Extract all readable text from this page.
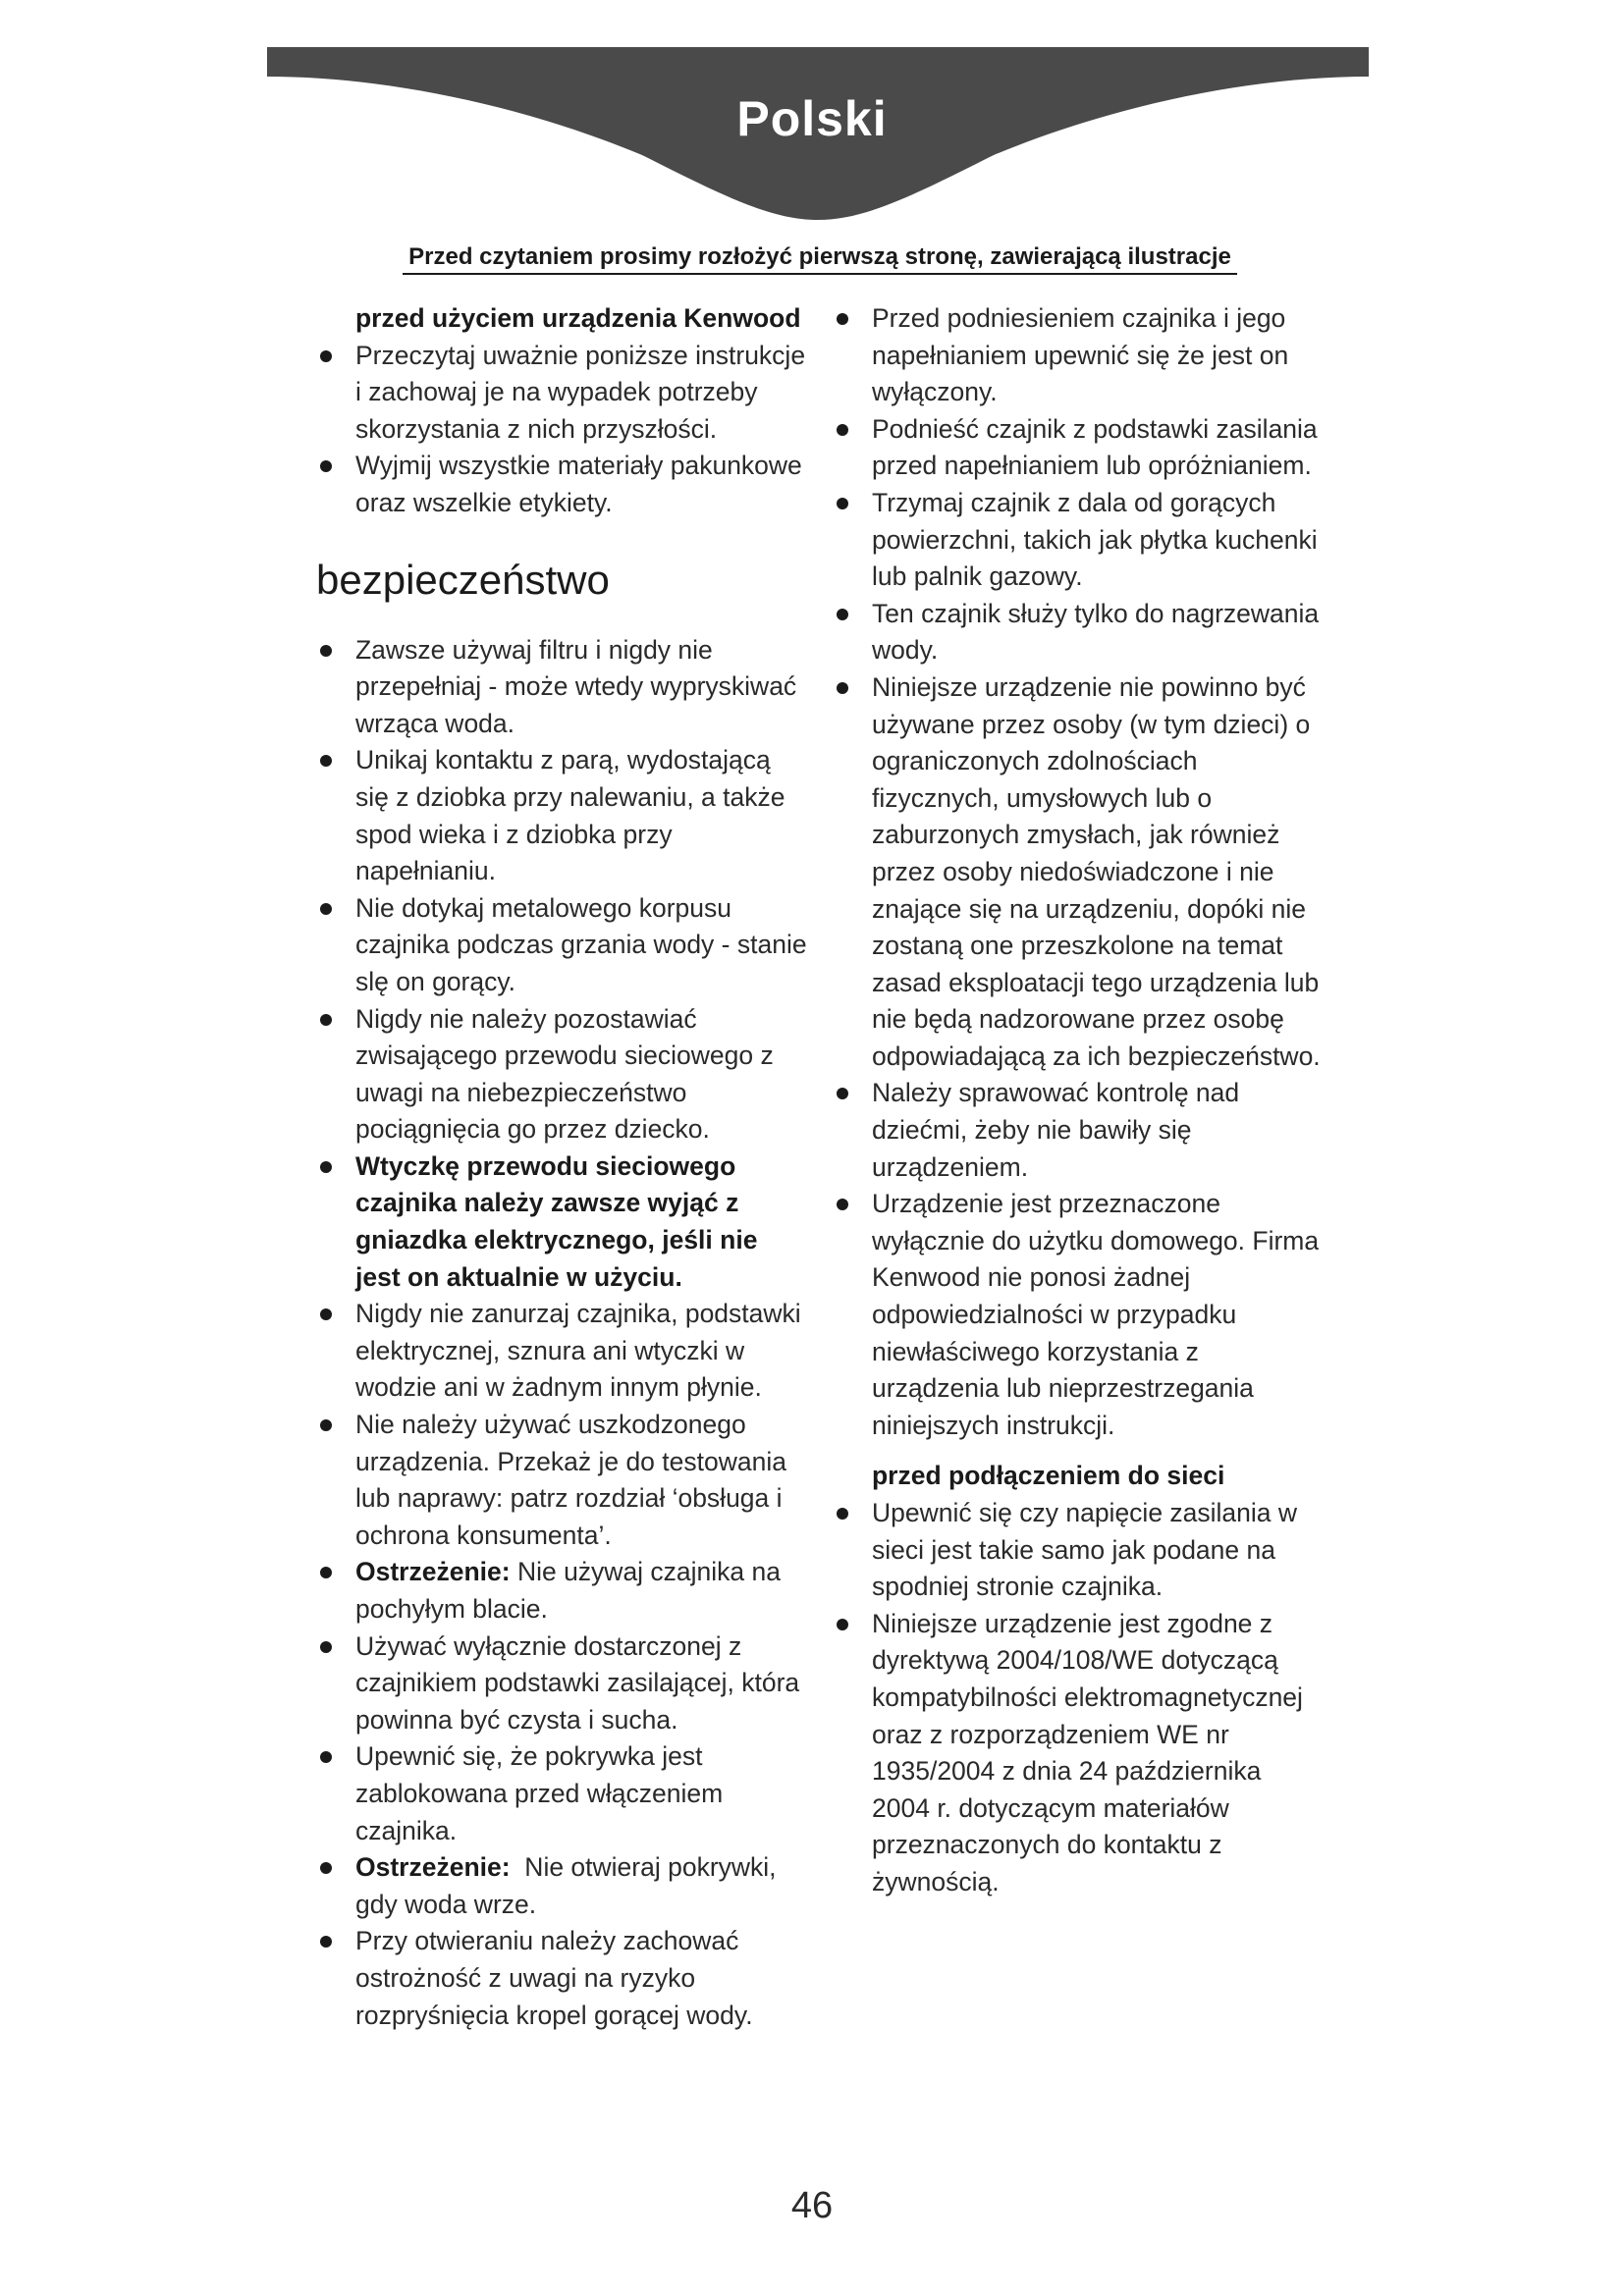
Polski
Przed czytaniem prosimy rozłożyć pierwszą stronę, zawierającą ilustracje

przed użyciem urządzenia Kenwood

Przeczytaj uważnie poniższe instrukcje i zachowaj je na wypadek potrzeby skorzystania z nich przyszłości.
Wyjmij wszystkie materiały pakunkowe oraz wszelkie etykiety.
bezpieczeństwo
Zawsze używaj filtru i nigdy nie przepełniaj - może wtedy wypryskiwać wrząca woda.
Unikaj kontaktu z parą, wydostającą się z dziobka przy nalewaniu, a także spod wieka i z dziobka przy napełnianiu.
Nie dotykaj metalowego korpusu czajnika podczas grzania wody - stanie slę on gorący.
Nigdy nie należy pozostawiać zwisającego przewodu sieciowego z uwagi na niebezpieczeństwo pociągnięcia go przez dziecko.
Wtyczkę przewodu sieciowego czajnika należy zawsze wyjąć z gniazdka elektrycznego, jeśli nie jest on aktualnie w użyciu.
Nigdy nie zanurzaj czajnika, podstawki elektrycznej, sznura ani wtyczki w wodzie ani w żadnym innym płynie.
Nie należy używać uszkodzonego urządzenia. Przekaż je do testowania lub naprawy: patrz rozdział ‘obsługa i ochrona konsumenta’.
Ostrzeżenie: Nie używaj czajnika na pochyłym blacie.
Używać wyłącznie dostarczonej z czajnikiem podstawki zasilającej, która powinna być czysta i sucha.
Upewnić się, że pokrywka jest zablokowana przed włączeniem czajnika.
Ostrzeżenie:  Nie otwieraj pokrywki, gdy woda wrze.
Przy otwieraniu należy zachować ostrożność z uwagi na ryzyko rozpryśnięcia kropel gorącej wody.
Przed podniesieniem czajnika i jego napełnianiem upewnić się że jest on wyłączony.
Podnieść czajnik z podstawki zasilania przed napełnianiem lub opróżnianiem.
Trzymaj czajnik z dala od gorących powierzchni, takich jak płytka kuchenki lub palnik gazowy.
Ten czajnik służy tylko do nagrzewania wody.
Niniejsze urządzenie nie powinno być używane przez osoby (w tym dzieci) o ograniczonych zdolnościach fizycznych, umysłowych lub o zaburzonych zmysłach, jak również przez osoby niedoświadczone i nie znające się na urządzeniu, dopóki nie zostaną one przeszkolone na temat zasad eksploatacji tego urządzenia lub nie będą nadzorowane przez osobę odpowiadającą za ich bezpieczeństwo.
Należy sprawować kontrolę nad dziećmi, żeby nie bawiły się urządzeniem.
Urządzenie jest przeznaczone wyłącznie do użytku domowego. Firma Kenwood nie ponosi żadnej odpowiedzialności w przypadku niewłaściwego korzystania z urządzenia lub nieprzestrzegania niniejszych instrukcji.

przed podłączeniem do sieci

Upewnić się czy napięcie zasilania w sieci jest takie samo jak podane na spodniej stronie czajnika.
Niniejsze urządzenie jest zgodne z dyrektywą 2004/108/WE dotyczącą kompatybilności elektromagnetycznej oraz z rozporządzeniem WE nr 1935/2004 z dnia 24 października 2004 r. dotyczącym materiałów przeznaczonych do kontaktu z żywnością.
46
